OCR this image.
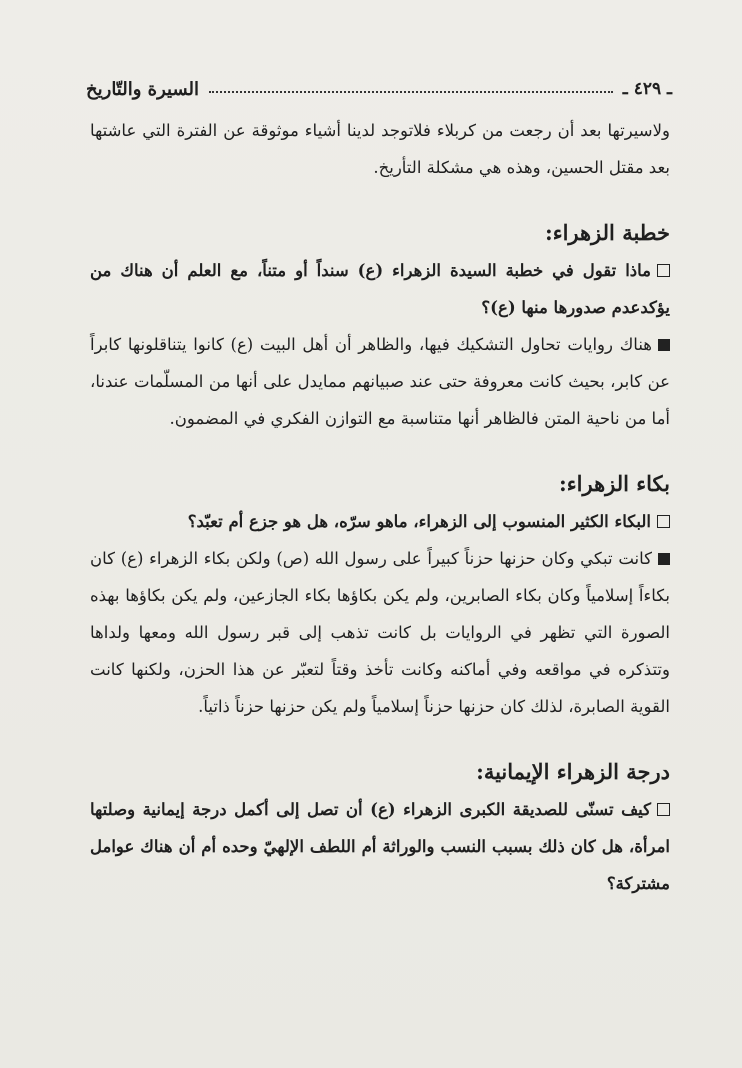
ـ ٤٢٩ ـ
السيرة والتّاريخ

ولاسيرتها بعد أن رجعت من كربلاء فلاتوجد لدينا أشياء موثوقة عن الفترة التي عاشتها بعد مقتل الحسين، وهذه هي مشكلة التأريخ.

خطبة الزهراء:

ماذا تقول في خطبة السيدة الزهراء (ع) سنداً أو متناً، مع العلم أن هناك من يؤكدعدم صدورها منها (ع)؟

هناك روايات تحاول التشكيك فيها، والظاهر أن أهل البيت (ع) كانوا يتناقلونها كابراً عن كابر، بحيث كانت معروفة حتى عند صبيانهم ممايدل على أنها من المسلّمات عندنا، أما من ناحية المتن فالظاهر أنها متناسبة مع التوازن الفكري في المضمون.

بكاء الزهراء:

البكاء الكثير المنسوب إلى الزهراء، ماهو سرّه، هل هو جزع أم تعبّد؟

كانت تبكي وكان حزنها حزناً كبيراً على رسول الله (ص) ولكن بكاء الزهراء (ع) كان بكاءاً إسلامياً وكان بكاء الصابرين، ولم يكن بكاؤها بكاء الجازعين، ولم يكن بكاؤها بهذه الصورة التي تظهر في الروايات بل كانت تذهب إلى قبر رسول الله ومعها ولداها وتتذكره في مواقعه وفي أماكنه وكانت تأخذ وقتاً لتعبّر عن هذا الحزن، ولكنها كانت القوية الصابرة، لذلك كان حزنها حزناً إسلامياً ولم يكن حزنها حزناً ذاتياً.

درجة الزهراء الإيمانية:

كيف تسنّى للصديقة الكبرى الزهراء (ع) أن تصل إلى أكمل درجة إيمانية وصلتها امرأة، هل كان ذلك بسبب النسب والوراثة أم اللطف الإلهيّ وحده أم أن هناك عوامل مشتركة؟
